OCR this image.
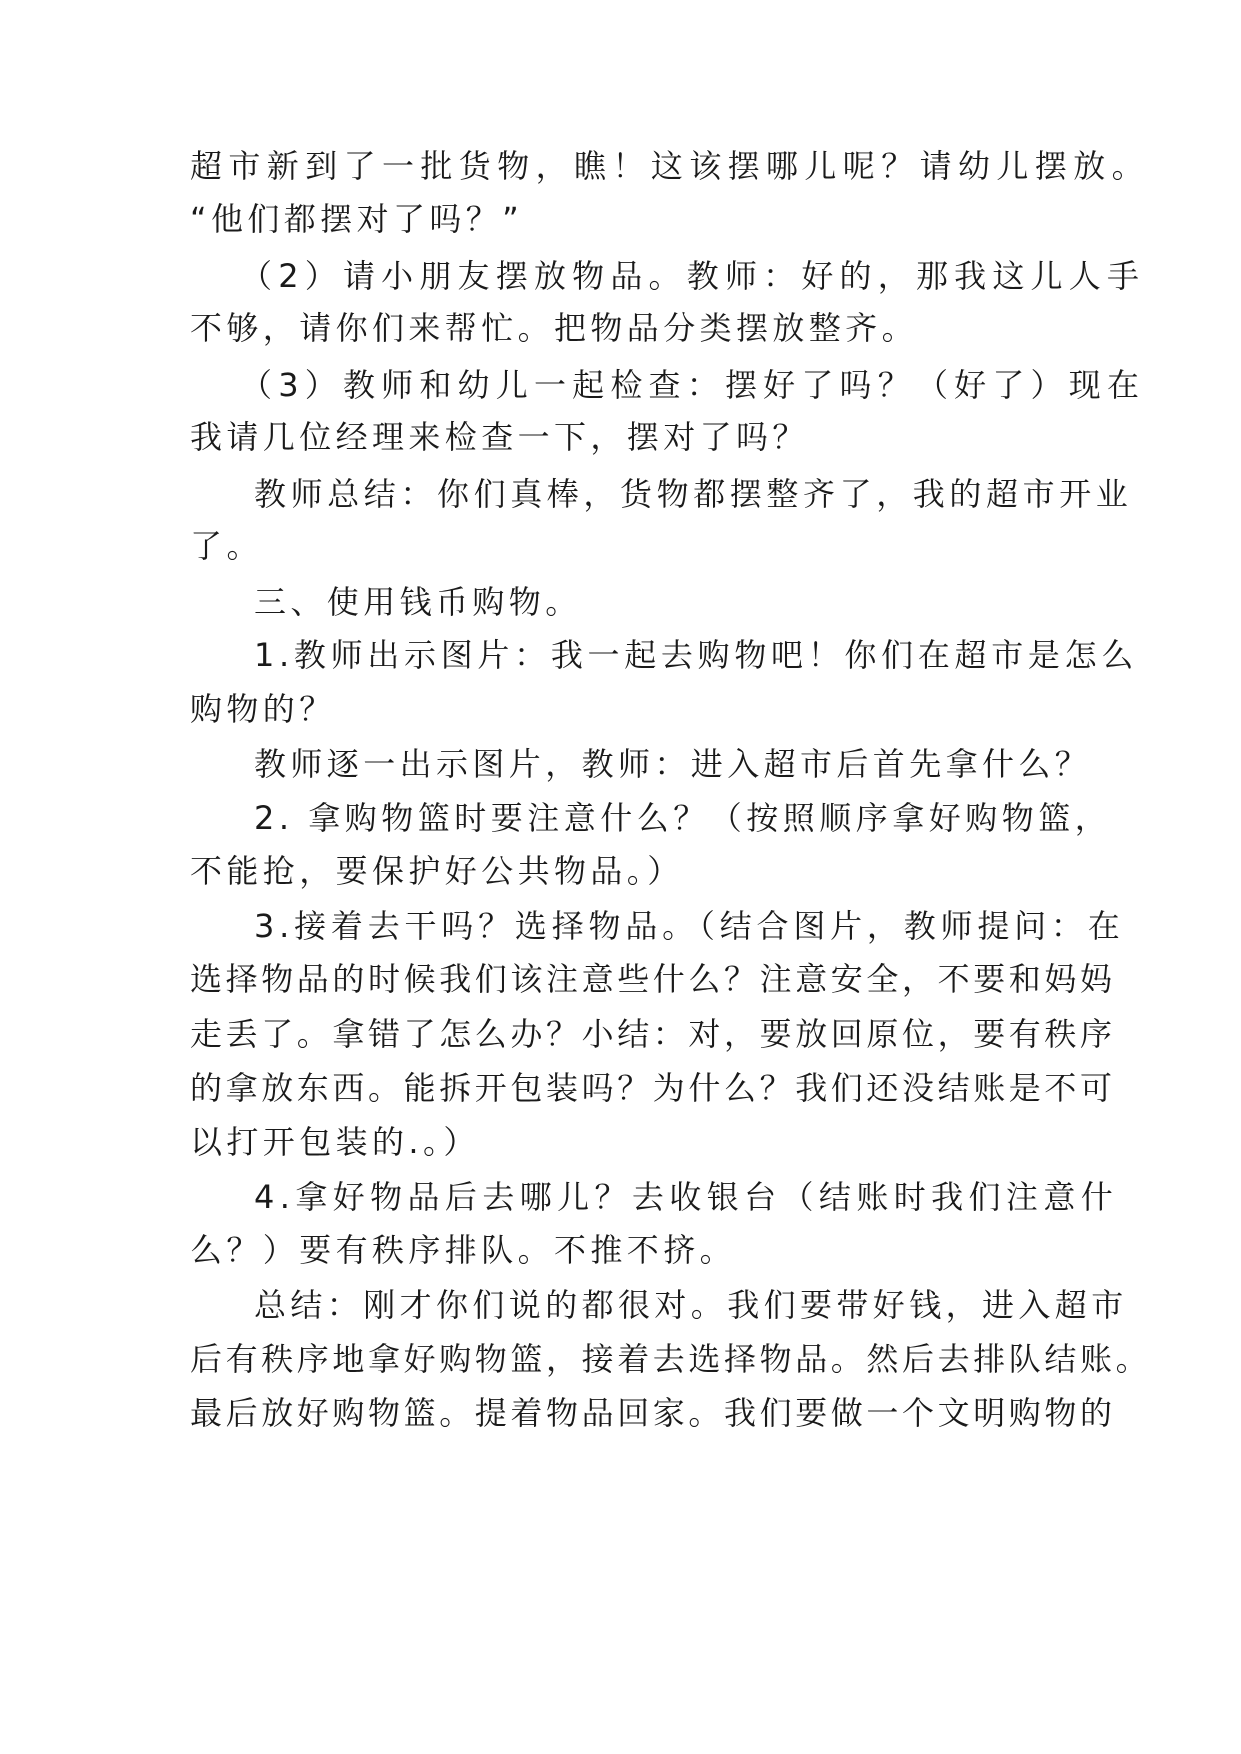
超市新到了一批货物，瞧！这该摆哪儿呢？请幼儿摆放。
“他们都摆对了吗？”
（2）请小朋友摆放物品。教师：好的，那我这儿人手
不够，请你们来帮忙。把物品分类摆放整齐。
（3）教师和幼儿一起检查：摆好了吗？（好了）现在
我请几位经理来检查一下，摆对了吗？
教师总结：你们真棒，货物都摆整齐了，我的超市开业
了。
三、使用钱币购物。
1.教师出示图片：我一起去购物吧！你们在超市是怎么
购物的？
教师逐一出示图片，教师：进入超市后首先拿什么？
2. 拿购物篮时要注意什么？（按照顺序拿好购物篮，
不能抢，要保护好公共物品。）
3.接着去干吗？选择物品。（结合图片，教师提问：在
选择物品的时候我们该注意些什么？注意安全，不要和妈妈
走丢了。拿错了怎么办？小结：对，要放回原位，要有秩序
的拿放东西。能拆开包装吗？为什么？我们还没结账是不可
以打开包装的.。）
4.拿好物品后去哪儿？去收银台（结账时我们注意什
么？）要有秩序排队。不推不挤。
总结：刚才你们说的都很对。我们要带好钱，进入超市
后有秩序地拿好购物篮，接着去选择物品。然后去排队结账。
最后放好购物篮。提着物品回家。我们要做一个文明购物的
